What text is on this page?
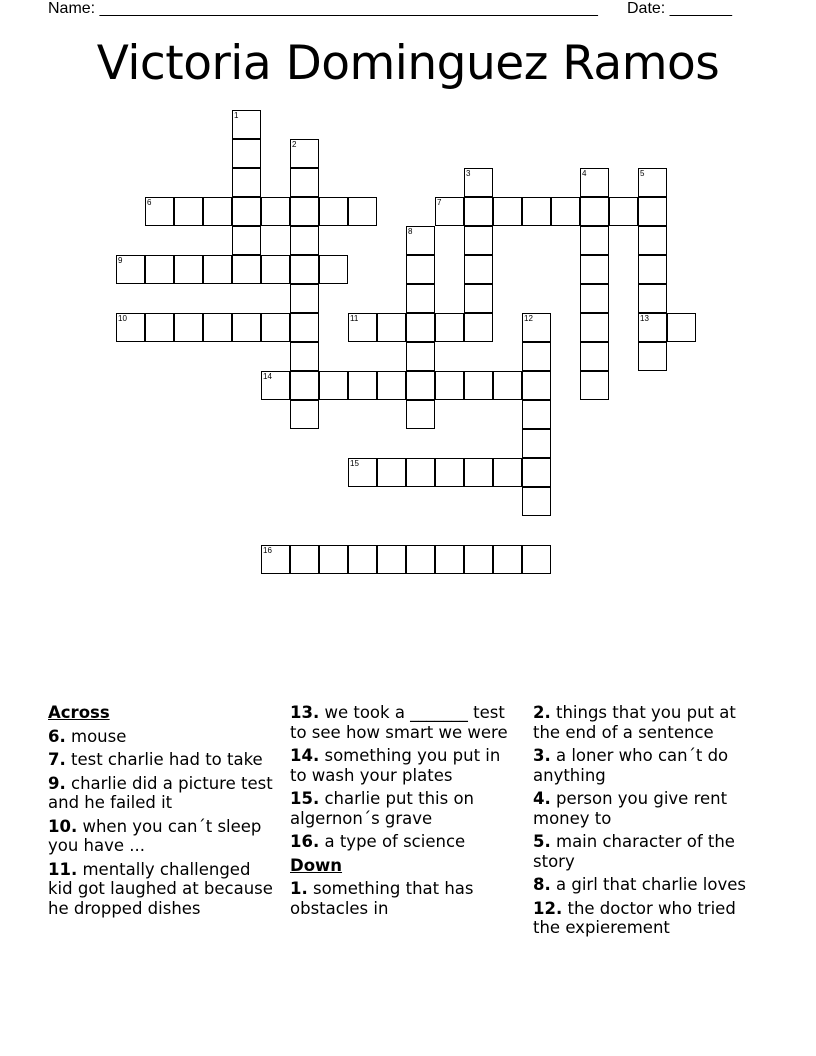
Name: ________________________________________________________ Date: _______
Victoria Dominguez Ramos
1
2
6
9
10
14
7
3	4	5
13
8
11	12
15
16
Across
6. mouse
7. test charlie had to take
9. charlie did a picture test and he failed it
10. when you can´t sleep you have ...
11. mentally challenged kid got laughed at because he dropped dishes
13. we took a _______ test to see how smart we were
14. something you put in to wash your plates
15. charlie put this on algernon´s grave
16. a type of science
Down
1. something that has obstacles in
2. things that you put at the end of a sentence
3. a loner who can´t do anything
4. person you give rent money to
5. main character of the story
8. a girl that charlie loves
12. the doctor who tried the expierement
